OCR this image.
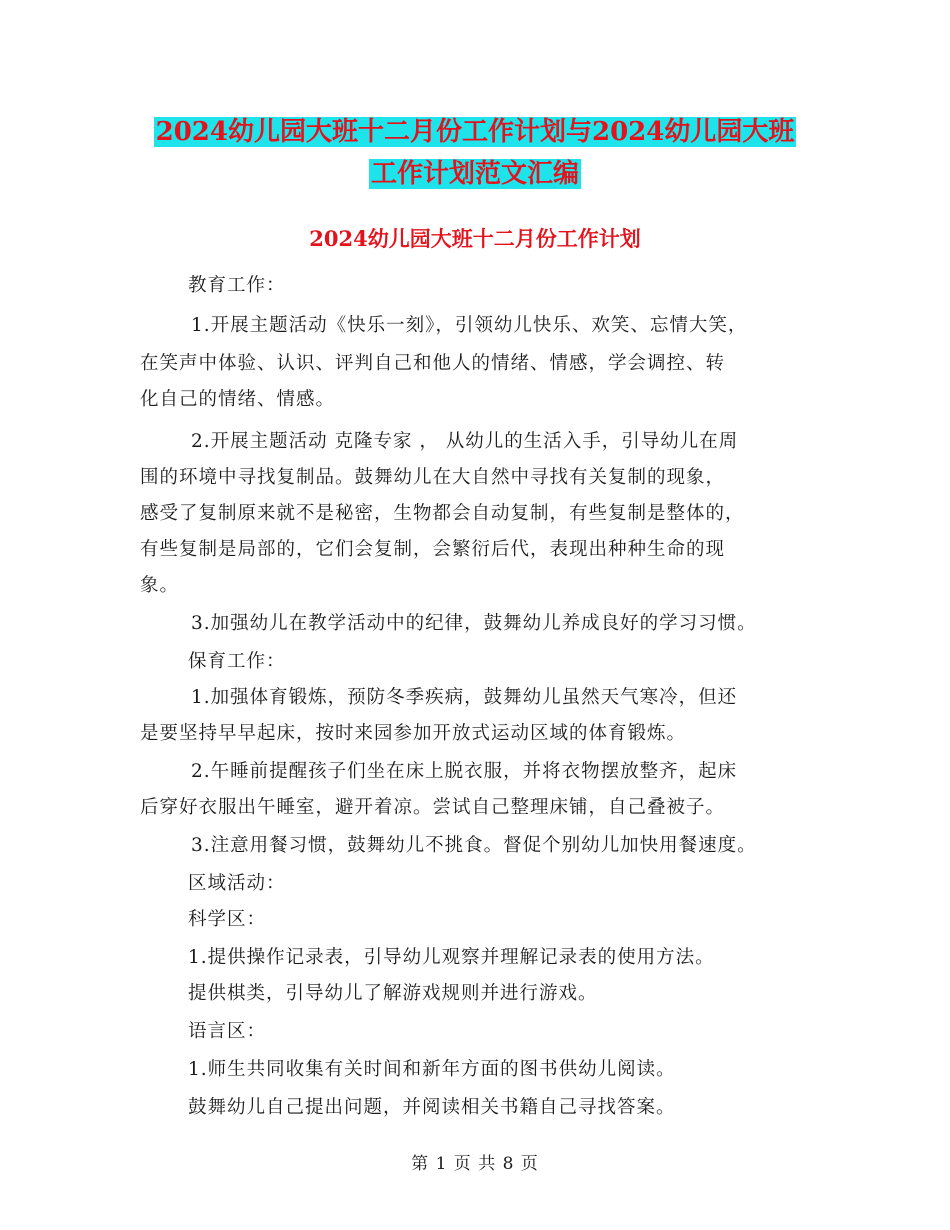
2024幼儿园大班十二月份工作计划与2024幼儿园大班
工作计划范文汇编
2024幼儿园大班十二月份工作计划
教育工作：
1.开展主题活动《快乐一刻》，引领幼儿快乐、欢笑、忘情大笑，
在笑声中体验、认识、评判自己和他人的情绪、情感，学会调控、转
化自己的情绪、情感。
2.开展主题活动 克隆专家 ， 从幼儿的生活入手，引导幼儿在周
围的环境中寻找复制品。鼓舞幼儿在大自然中寻找有关复制的现象，
感受了复制原来就不是秘密，生物都会自动复制，有些复制是整体的，
有些复制是局部的，它们会复制，会繁衍后代，表现出种种生命的现
象。
3.加强幼儿在教学活动中的纪律，鼓舞幼儿养成良好的学习习惯。
保育工作：
1.加强体育锻炼，预防冬季疾病，鼓舞幼儿虽然天气寒冷，但还
是要坚持早早起床，按时来园参加开放式运动区域的体育锻炼。
2.午睡前提醒孩子们坐在床上脱衣服，并将衣物摆放整齐，起床
后穿好衣服出午睡室，避开着凉。尝试自己整理床铺，自己叠被子。
3.注意用餐习惯，鼓舞幼儿不挑食。督促个别幼儿加快用餐速度。
区域活动：
科学区：
1.提供操作记录表，引导幼儿观察并理解记录表的使用方法。
提供棋类，引导幼儿了解游戏规则并进行游戏。
语言区：
1.师生共同收集有关时间和新年方面的图书供幼儿阅读。
鼓舞幼儿自己提出问题，并阅读相关书籍自己寻找答案。
第 1 页 共 8 页
